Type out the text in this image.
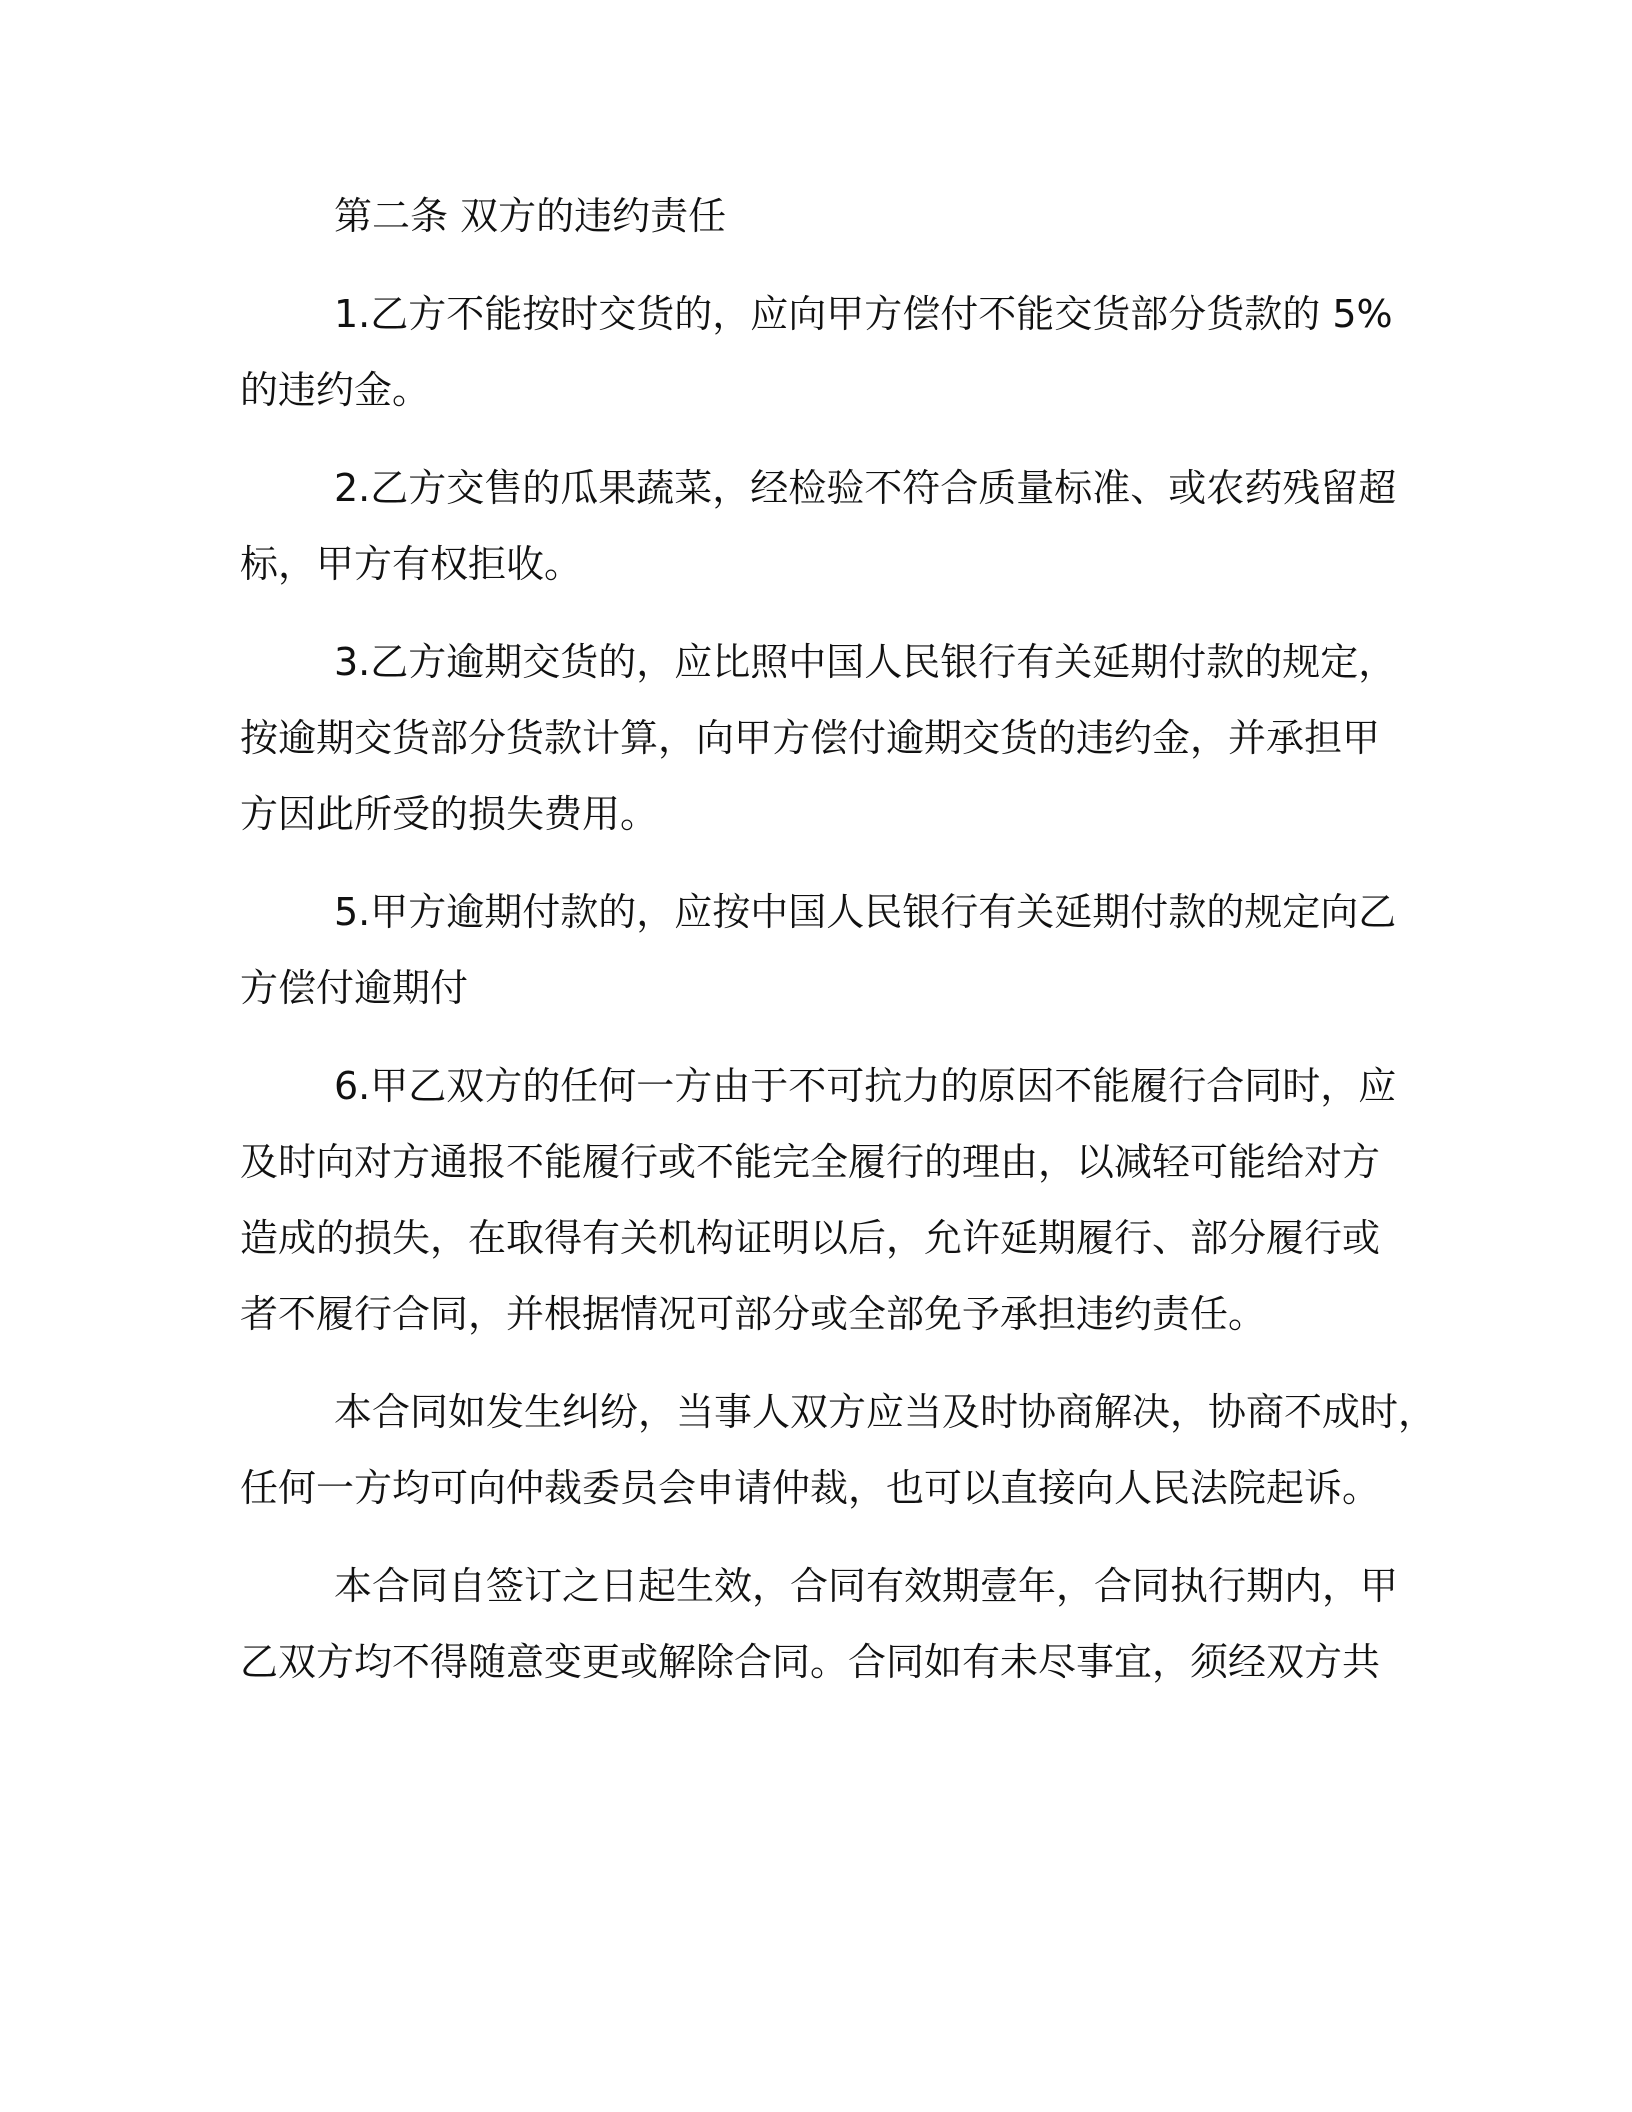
第二条 双方的违约责任

1.乙方不能按时交货的，应向甲方偿付不能交货部分货款的 5%
的违约金。
2.乙方交售的瓜果蔬菜，经检验不符合质量标准、或农药残留超
标，甲方有权拒收。
3.乙方逾期交货的，应比照中国人民银行有关延期付款的规定，
按逾期交货部分货款计算，向甲方偿付逾期交货的违约金，并承担甲
方因此所受的损失费用。
5.甲方逾期付款的，应按中国人民银行有关延期付款的规定向乙
方偿付逾期付
6.甲乙双方的任何一方由于不可抗力的原因不能履行合同时，应
及时向对方通报不能履行或不能完全履行的理由，以减轻可能给对方
造成的损失，在取得有关机构证明以后，允许延期履行、部分履行或
者不履行合同，并根据情况可部分或全部免予承担违约责任。
本合同如发生纠纷，当事人双方应当及时协商解决，协商不成时，
任何一方均可向仲裁委员会申请仲裁，也可以直接向人民法院起诉。
本合同自签订之日起生效，合同有效期壹年，合同执行期内，甲
乙双方均不得随意变更或解除合同。合同如有未尽事宜，须经双方共
